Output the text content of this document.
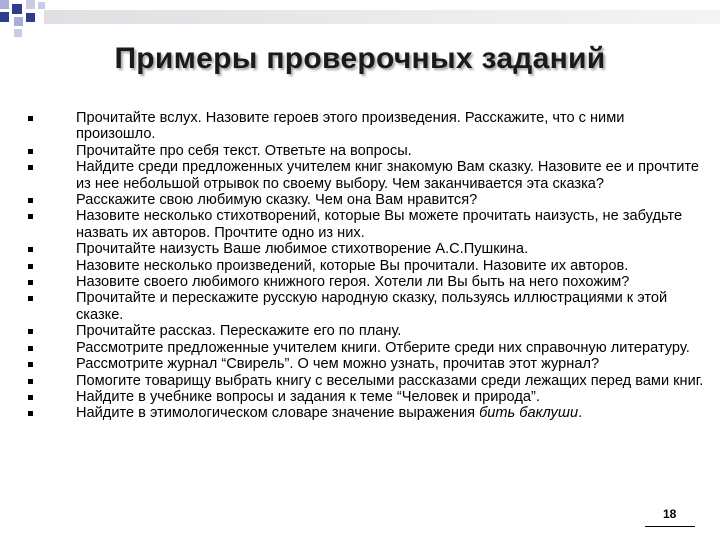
Примеры проверочных заданий
Прочитайте вслух. Назовите героев этого произведения. Расскажите, что с ними произошло.
Прочитайте про себя текст. Ответьте на вопросы.
Найдите среди предложенных учителем книг знакомую Вам сказку. Назовите ее и прочтите из нее небольшой отрывок по своему выбору. Чем заканчивается эта сказка?
Расскажите свою любимую сказку. Чем она Вам нравится?
Назовите несколько стихотворений, которые Вы можете прочитать наизусть, не забудьте назвать их авторов. Прочтите одно из них.
Прочитайте наизусть Ваше любимое стихотворение А.С.Пушкина.
Назовите несколько произведений, которые Вы прочитали. Назовите их авторов.
Назовите своего любимого книжного героя. Хотели ли Вы быть на него похожим?
Прочитайте и перескажите русскую народную сказку, пользуясь иллюстрациями к этой сказке.
Прочитайте рассказ. Перескажите его по плану.
Рассмотрите предложенные учителем книги. Отберите среди них справочную литературу.
Рассмотрите журнал “Свирель”. О чем можно узнать, прочитав этот журнал?
Помогите товарищу выбрать книгу с веселыми рассказами среди лежащих перед вами книг.
Найдите в учебнике вопросы и задания к теме “Человек и природа”.
Найдите в этимологическом словаре значение выражения бить баклуши.
18
